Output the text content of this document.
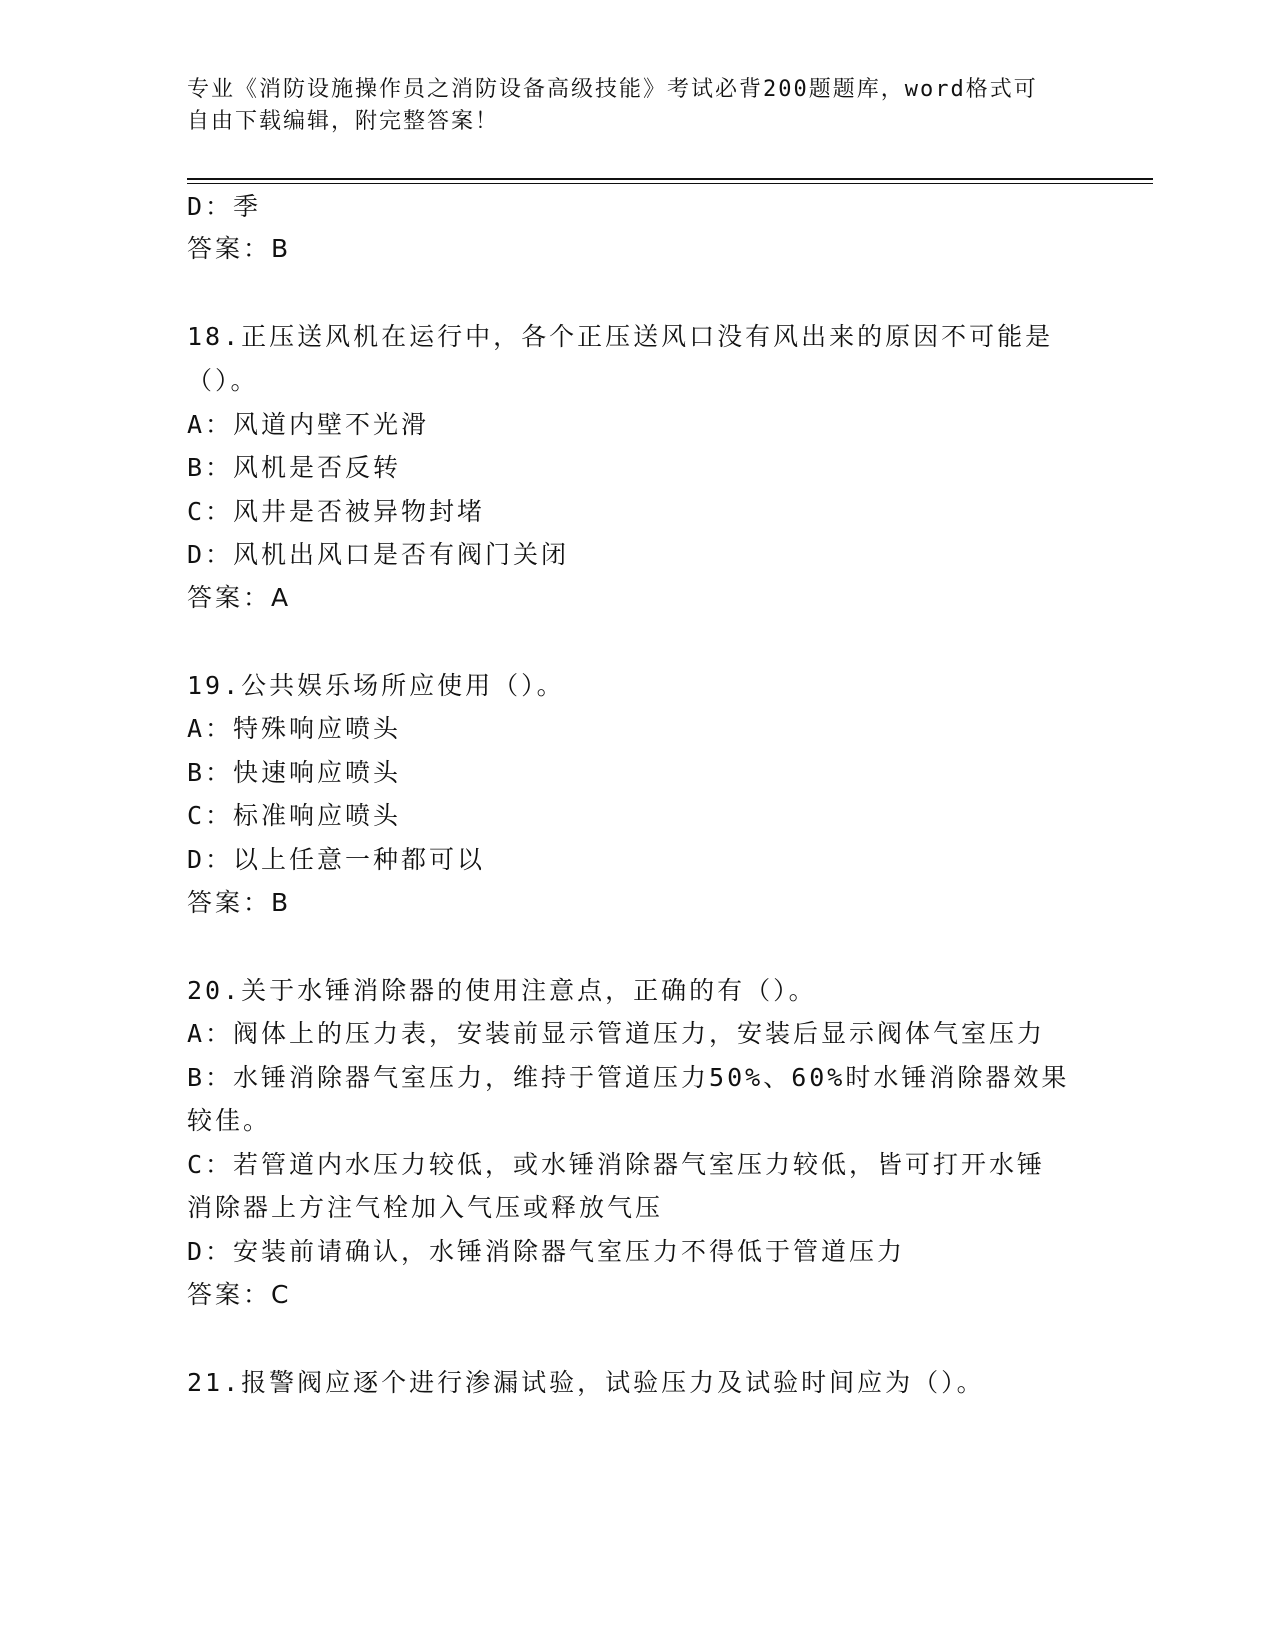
专业《消防设施操作员之消防设备高级技能》考试必背200题题库，word格式可
自由下载编辑，附完整答案！
D：季
答案：B
18.正压送风机在运行中，各个正压送风口没有风出来的原因不可能是
（）。
A：风道内壁不光滑
B：风机是否反转
C：风井是否被异物封堵
D：风机出风口是否有阀门关闭
答案：A
19.公共娱乐场所应使用（）。
A：特殊响应喷头
B：快速响应喷头
C：标准响应喷头
D：以上任意一种都可以
答案：B
20.关于水锤消除器的使用注意点，正确的有（）。
A：阀体上的压力表，安装前显示管道压力，安装后显示阀体气室压力
B：水锤消除器气室压力，维持于管道压力50%、60%时水锤消除器效果
较佳。
C：若管道内水压力较低，或水锤消除器气室压力较低，皆可打开水锤
消除器上方注气栓加入气压或释放气压
D：安装前请确认，水锤消除器气室压力不得低于管道压力
答案：C
21.报警阀应逐个进行渗漏试验，试验压力及试验时间应为（）。
